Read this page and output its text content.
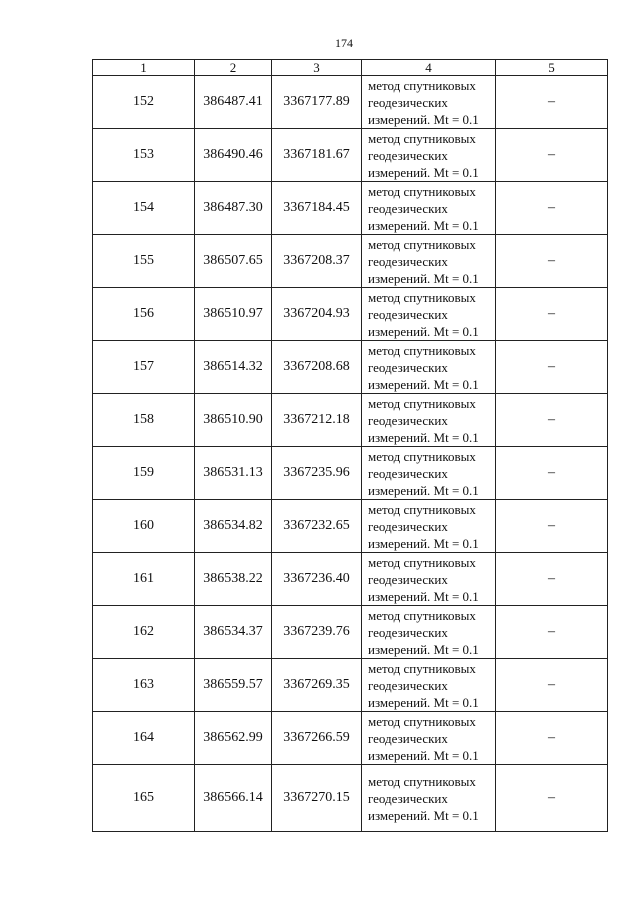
174
1	2	3	4	5
152	386487.41	3367177.89	метод спутниковых
геодезических
измерений. Mt = 0.1	–
153	386490.46	3367181.67	метод спутниковых
геодезических
измерений. Mt = 0.1	–
154	386487.30	3367184.45	метод спутниковых
геодезических
измерений. Mt = 0.1	–
155	386507.65	3367208.37	метод спутниковых
геодезических
измерений. Mt = 0.1	–
156	386510.97	3367204.93	метод спутниковых
геодезических
измерений. Mt = 0.1	–
157	386514.32	3367208.68	метод спутниковых
геодезических
измерений. Mt = 0.1	–
158	386510.90	3367212.18	метод спутниковых
геодезических
измерений. Mt = 0.1	–
159	386531.13	3367235.96	метод спутниковых
геодезических
измерений. Mt = 0.1	–
160	386534.82	3367232.65	метод спутниковых
геодезических
измерений. Mt = 0.1	–
161	386538.22	3367236.40	метод спутниковых
геодезических
измерений. Mt = 0.1	–
162	386534.37	3367239.76	метод спутниковых
геодезических
измерений. Mt = 0.1	–
163	386559.57	3367269.35	метод спутниковых
геодезических
измерений. Mt = 0.1	–
164	386562.99	3367266.59	метод спутниковых
геодезических
измерений. Mt = 0.1	–
165	386566.14	3367270.15	метод спутниковых
геодезических
измерений. Mt = 0.1	–
